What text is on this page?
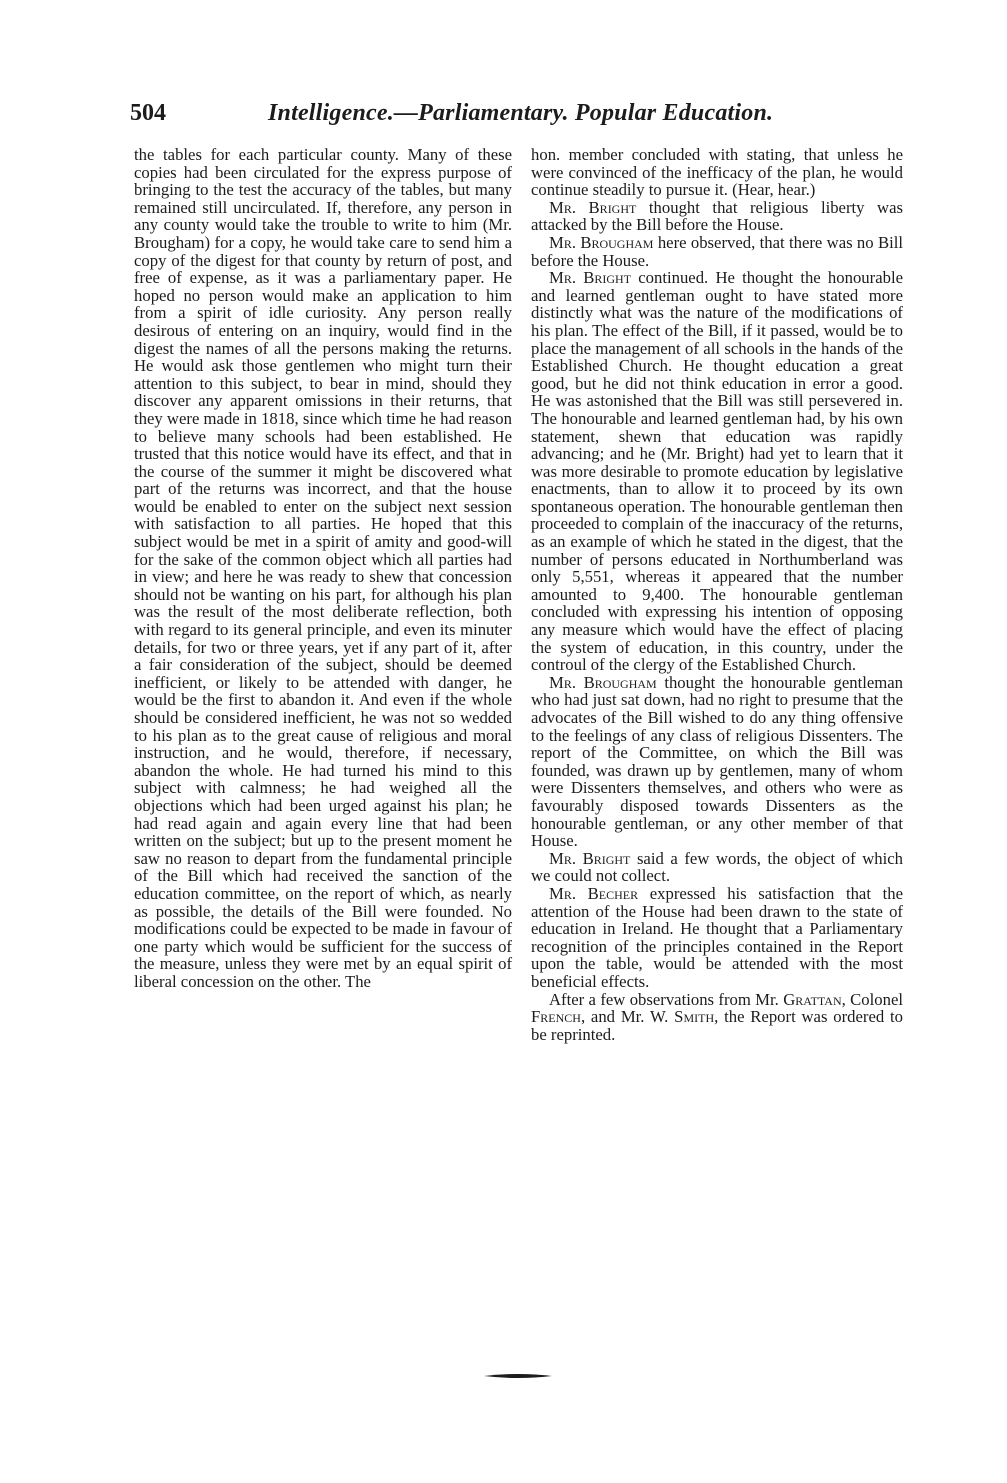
504	Intelligence.—Parliamentary. Popular Education.

the tables for each particular county. Many of these copies had been circulated for the express purpose of bringing to the test the accuracy of the tables, but many remained still uncirculated. If, therefore, any person in any county would take the trouble to write to him (Mr. Brougham) for a copy, he would take care to send him a copy of the digest for that county by return of post, and free of expense, as it was a parliamentary paper. He hoped no person would make an application to him from a spirit of idle curiosity. Any person really desirous of entering on an inquiry, would find in the digest the names of all the persons making the returns. He would ask those gentlemen who might turn their attention to this subject, to bear in mind, should they discover any apparent omissions in their returns, that they were made in 1818, since which time he had reason to believe many schools had been established. He trusted that this notice would have its effect, and that in the course of the summer it might be discovered what part of the returns was incorrect, and that the house would be enabled to enter on the subject next session with satisfaction to all parties. He hoped that this subject would be met in a spirit of amity and good-will for the sake of the common object which all parties had in view; and here he was ready to shew that concession should not be wanting on his part, for although his plan was the result of the most deliberate reflection, both with regard to its general principle, and even its minuter details, for two or three years, yet if any part of it, after a fair consideration of the subject, should be deemed inefficient, or likely to be attended with danger, he would be the first to abandon it. And even if the whole should be considered inefficient, he was not so wedded to his plan as to the great cause of religious and moral instruction, and he would, therefore, if necessary, abandon the whole. He had turned his mind to this subject with calmness; he had weighed all the objections which had been urged against his plan; he had read again and again every line that had been written on the subject; but up to the present moment he saw no reason to depart from the fundamental principle of the Bill which had received the sanction of the education committee, on the report of which, as nearly as possible, the details of the Bill were founded. No modifications could be expected to be made in favour of one party which would be sufficient for the success of the measure, unless they were met by an equal spirit of liberal concession on the other. The

hon. member concluded with stating, that unless he were convinced of the inefficacy of the plan, he would continue steadily to pursue it. (Hear, hear.)

Mr. Bright thought that religious liberty was attacked by the Bill before the House.

Mr. Brougham here observed, that there was no Bill before the House.

Mr. Bright continued. He thought the honourable and learned gentleman ought to have stated more distinctly what was the nature of the modifications of his plan. The effect of the Bill, if it passed, would be to place the management of all schools in the hands of the Established Church. He thought education a great good, but he did not think education in error a good. He was astonished that the Bill was still persevered in. The honourable and learned gentleman had, by his own statement, shewn that education was rapidly advancing; and he (Mr. Bright) had yet to learn that it was more desirable to promote education by legislative enactments, than to allow it to proceed by its own spontaneous operation. The honourable gentleman then proceeded to complain of the inaccuracy of the returns, as an example of which he stated in the digest, that the number of persons educated in Northumberland was only 5,551, whereas it appeared that the number amounted to 9,400. The honourable gentleman concluded with expressing his intention of opposing any measure which would have the effect of placing the system of education, in this country, under the controul of the clergy of the Established Church.

Mr. Brougham thought the honourable gentleman who had just sat down, had no right to presume that the advocates of the Bill wished to do any thing offensive to the feelings of any class of religious Dissenters. The report of the Committee, on which the Bill was founded, was drawn up by gentlemen, many of whom were Dissenters themselves, and others who were as favourably disposed towards Dissenters as the honourable gentleman, or any other member of that House.

Mr. Bright said a few words, the object of which we could not collect.

Mr. Becher expressed his satisfaction that the attention of the House had been drawn to the state of education in Ireland. He thought that a Parliamentary recognition of the principles contained in the Report upon the table, would be attended with the most beneficial effects.

After a few observations from Mr. Grattan, Colonel French, and Mr. W. Smith, the Report was ordered to be reprinted.
